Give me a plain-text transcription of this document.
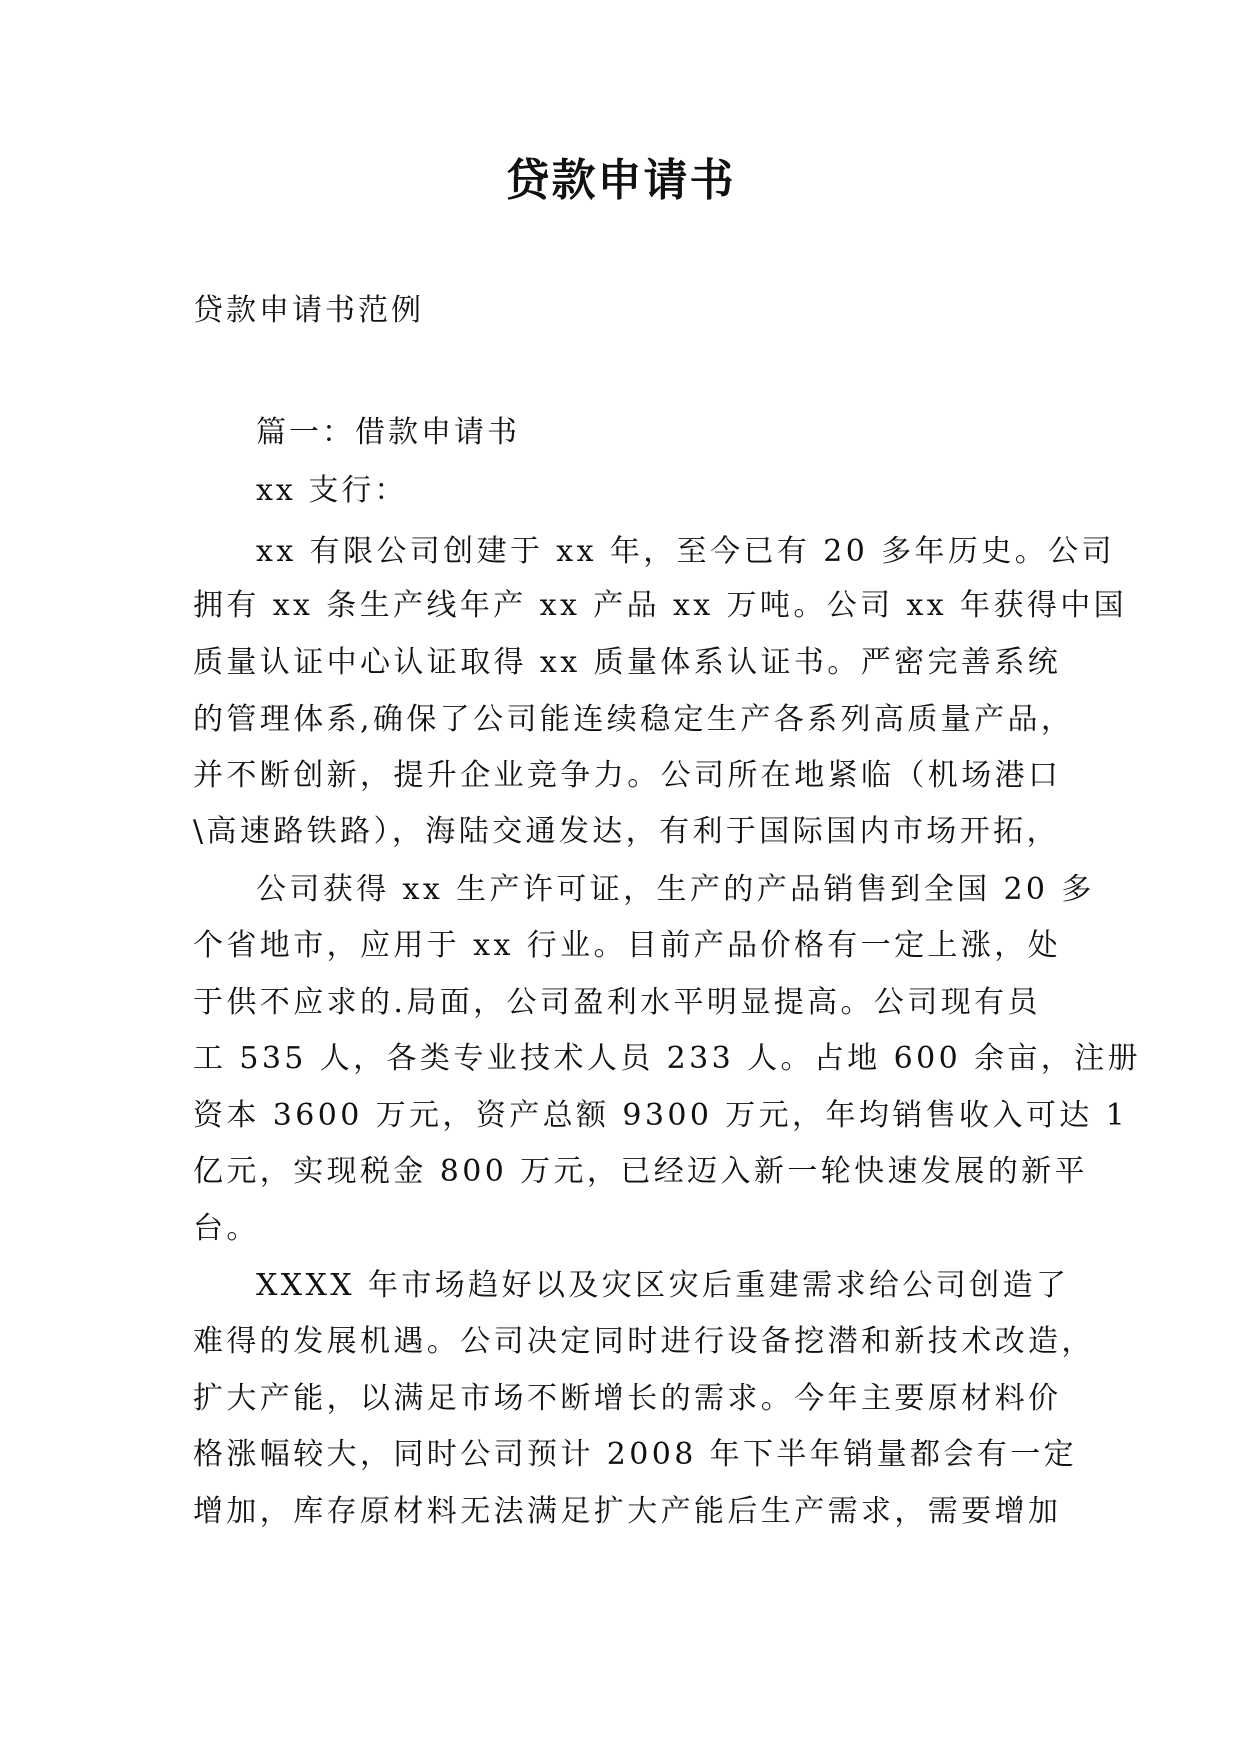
贷款申请书
贷款申请书范例
篇一：借款申请书
xx 支行：
xx 有限公司创建于 xx 年，至今已有 20 多年历史。公司
拥有 xx 条生产线年产 xx 产品 xx 万吨。公司 xx 年获得中国
质量认证中心认证取得 xx 质量体系认证书。严密完善系统
的管理体系,确保了公司能连续稳定生产各系列高质量产品，
并不断创新，提升企业竞争力。公司所在地紧临（机场港口
\高速路铁路），海陆交通发达，有利于国际国内市场开拓，
公司获得 xx 生产许可证，生产的产品销售到全国 20 多
个省地市，应用于 xx 行业。目前产品价格有一定上涨，处
于供不应求的.局面，公司盈利水平明显提高。公司现有员
工 535 人，各类专业技术人员 233 人。占地 600 余亩，注册
资本 3600 万元，资产总额 9300 万元，年均销售收入可达 1
亿元，实现税金 800 万元，已经迈入新一轮快速发展的新平
台。
XXXX 年市场趋好以及灾区灾后重建需求给公司创造了
难得的发展机遇。公司决定同时进行设备挖潜和新技术改造，
扩大产能，以满足市场不断增长的需求。今年主要原材料价
格涨幅较大，同时公司预计 2008 年下半年销量都会有一定
增加，库存原材料无法满足扩大产能后生产需求，需要增加
